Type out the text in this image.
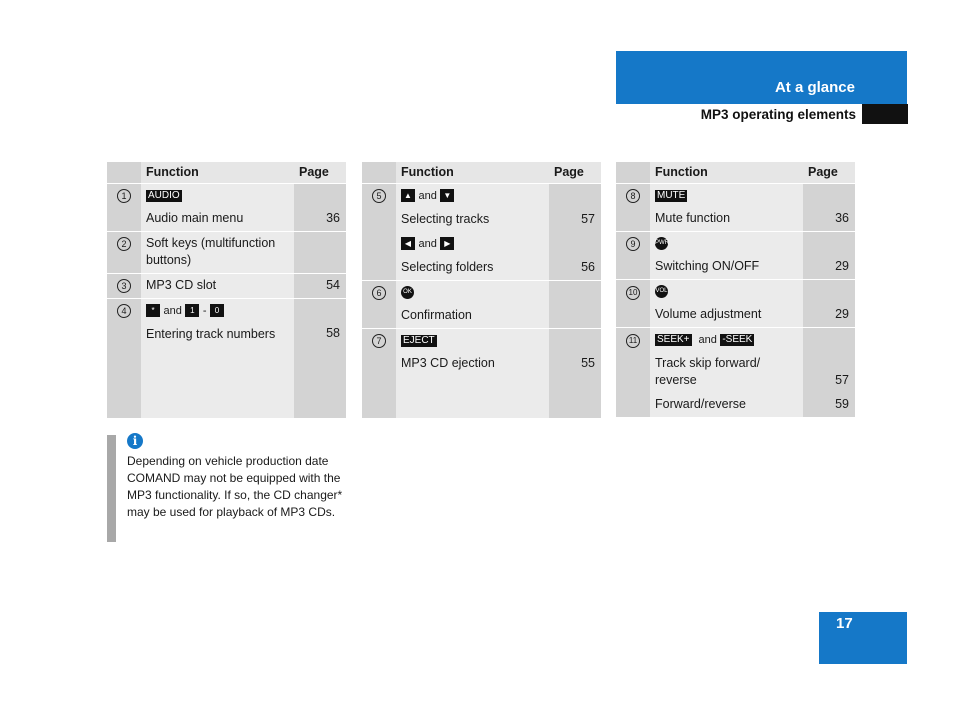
At a glance
MP3 operating elements
	Function	Page
1	AUDIO
Audio main menu	36
2	Soft keys (multifunction buttons)	
3	MP3 CD slot	54
4	* and 1 - 0
Entering track numbers	58
	Function	Page
5	▲ and ▼
Selecting tracks	57
	◀ and ▶
Selecting folders	56
6	OK
Confirmation	
7	EJECT
MP3 CD ejection	55
	Function	Page
8	MUTE
Mute function	36
9	PWR
Switching ON/OFF	29
10	VOL
Volume adjustment	29
11	SEEK+ and -SEEK
Track skip forward/ reverse	57
	Forward/reverse	59
i
Depending on vehicle production date COMAND may not be equipped with the MP3 functionality. If so, the CD changer* may be used for playback of MP3 CDs.
17
